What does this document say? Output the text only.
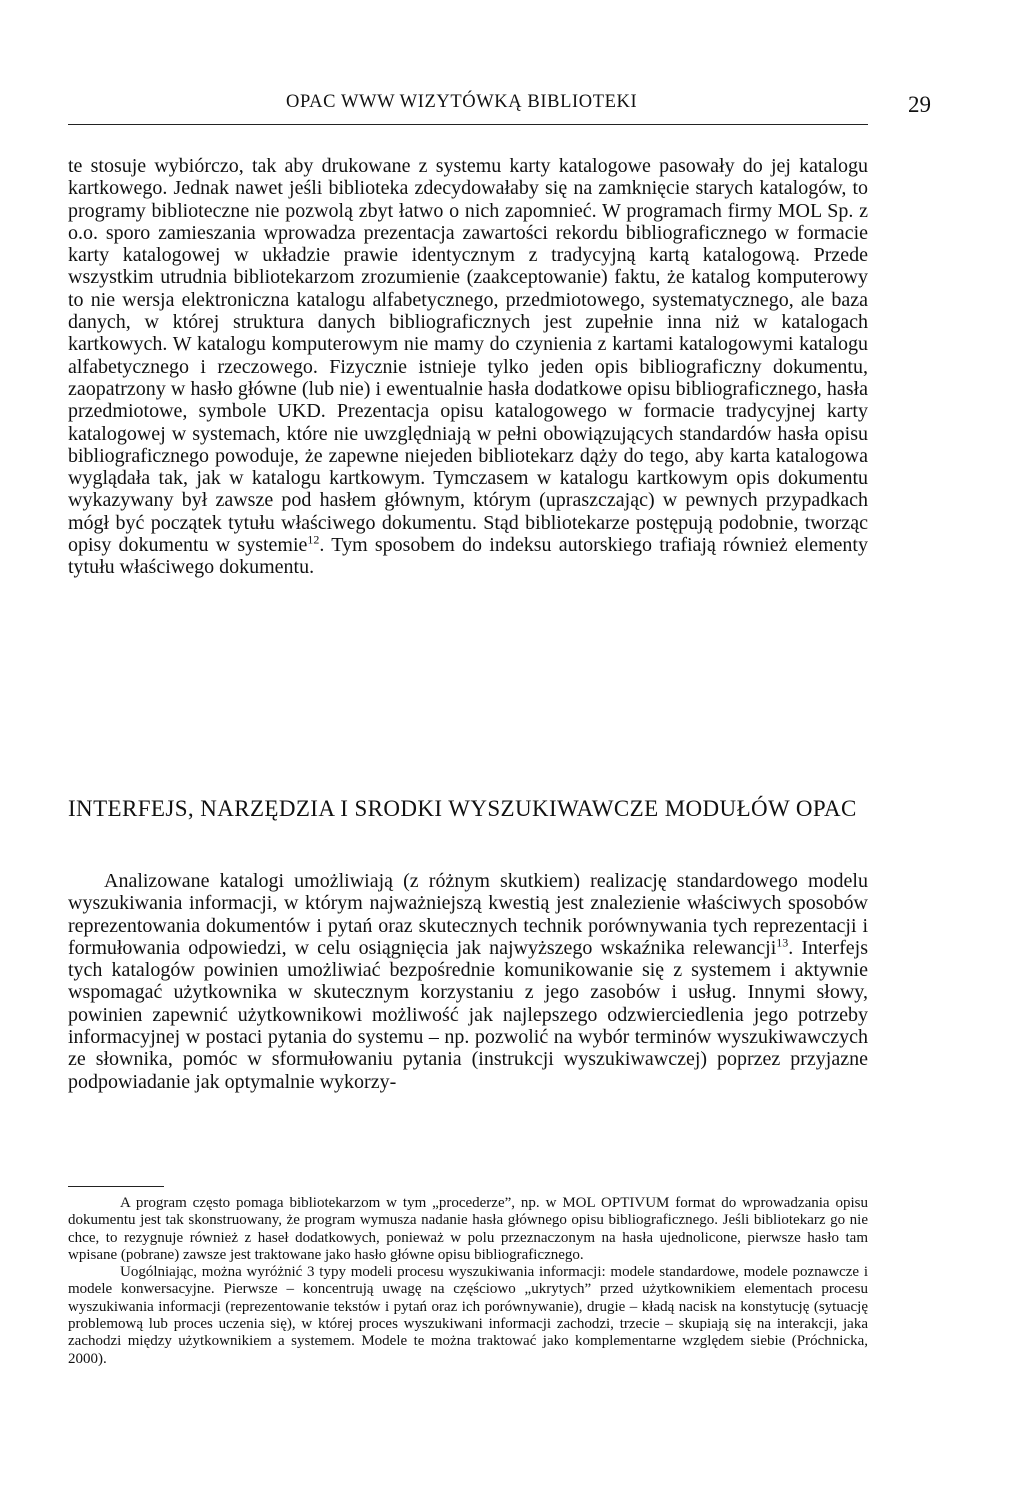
OPAC WWW WIZYTÓWKĄ BIBLIOTEKI	29

te stosuje wybiórczo, tak aby drukowane z systemu karty katalogowe pasowały do jej katalogu kartkowego. Jednak nawet jeśli biblioteka zdecydowałaby się na zamknięcie starych katalogów, to programy biblioteczne nie pozwolą zbyt łatwo o nich zapomnieć. W programach firmy MOL Sp. z o.o. sporo zamieszania wprowadza prezentacja zawartości rekordu bibliograficznego w formacie karty katalogowej w układzie prawie identycznym z tradycyjną kartą katalogową. Przede wszystkim utrudnia bibliotekarzom zrozumienie (zaakceptowanie) faktu, że katalog komputerowy to nie wersja elektroniczna katalogu alfabetycznego, przedmiotowego, systematycznego, ale baza danych, w której struktura danych bibliograficznych jest zupełnie inna niż w katalogach kartkowych. W katalogu komputerowym nie mamy do czynienia z kartami katalogowymi katalogu alfabetycznego i rzeczowego. Fizycznie istnieje tylko jeden opis bibliograficzny dokumentu, zaopatrzony w hasło główne (lub nie) i ewentualnie hasła dodatkowe opisu bibliograficznego, hasła przedmiotowe, symbole UKD. Prezentacja opisu katalogowego w formacie tradycyjnej karty katalogowej w systemach, które nie uwzględniają w pełni obowiązujących standardów hasła opisu bibliograficznego powoduje, że zapewne niejeden bibliotekarz dąży do tego, aby karta katalogowa wyglądała tak, jak w katalogu kartkowym. Tymczasem w katalogu kartkowym opis dokumentu wykazywany był zawsze pod hasłem głównym, którym (upraszczając) w pewnych przypadkach mógł być początek tytułu właściwego dokumentu. Stąd bibliotekarze postępują podobnie, tworząc opisy dokumentu w systemie$^{12}$. Tym sposobem do indeksu autorskiego trafiają również elementy tytułu właściwego dokumentu.

INTERFEJS, NARZĘDZIA I SRODKI WYSZUKIWAWCZE MODUŁÓW OPAC

Analizowane katalogi umożliwiają (z różnym skutkiem) realizację standardowego modelu wyszukiwania informacji, w którym najważniejszą kwestią jest znalezienie właściwych sposobów reprezentowania dokumentów i pytań oraz skutecznych technik porównywania tych reprezentacji i formułowania odpowiedzi, w celu osiągnięcia jak najwyższego wskaźnika relewancji$^{13}$. Interfejs tych katalogów powinien umożliwiać bezpośrednie komunikowanie się z systemem i aktywnie wspomagać użytkownika w skutecznym korzystaniu z jego zasobów i usług. Innymi słowy, powinien zapewnić użytkownikowi możliwość jak najlepszego odzwierciedlenia jego potrzeby informacyjnej w postaci pytania do systemu – np. pozwolić na wybór terminów wyszukiwawczych ze słownika, pomóc w sformułowaniu pytania (instrukcji wyszukiwawczej) poprzez przyjazne podpowiadanie jak optymalnie wykorzy-

A program często pomaga bibliotekarzom w tym „procederze”, np. w MOL OPTIVUM format do wprowadzania opisu dokumentu jest tak skonstruowany, że program wymusza nadanie hasła głównego opisu bibliograficznego. Jeśli bibliotekarz go nie chce, to rezygnuje również z haseł dodatkowych, ponieważ w polu przeznaczonym na hasła ujednolicone, pierwsze hasło tam wpisane (pobrane) zawsze jest traktowane jako hasło główne opisu bibliograficznego.

Uogólniając, można wyróżnić 3 typy modeli procesu wyszukiwania informacji: modele standardowe, modele poznawcze i modele konwersacyjne. Pierwsze – koncentrują uwagę na częściowo „ukrytych” przed użytkownikiem elementach procesu wyszukiwania informacji (reprezentowanie tekstów i pytań oraz ich porównywanie), drugie – kładą nacisk na konstytucję (sytuację problemową lub proces uczenia się), w której proces wyszukiwani informacji zachodzi, trzecie – skupiają się na interakcji, jaka zachodzi między użytkownikiem a systemem. Modele te można traktować jako komplementarne względem siebie (Próchnicka, 2000).
